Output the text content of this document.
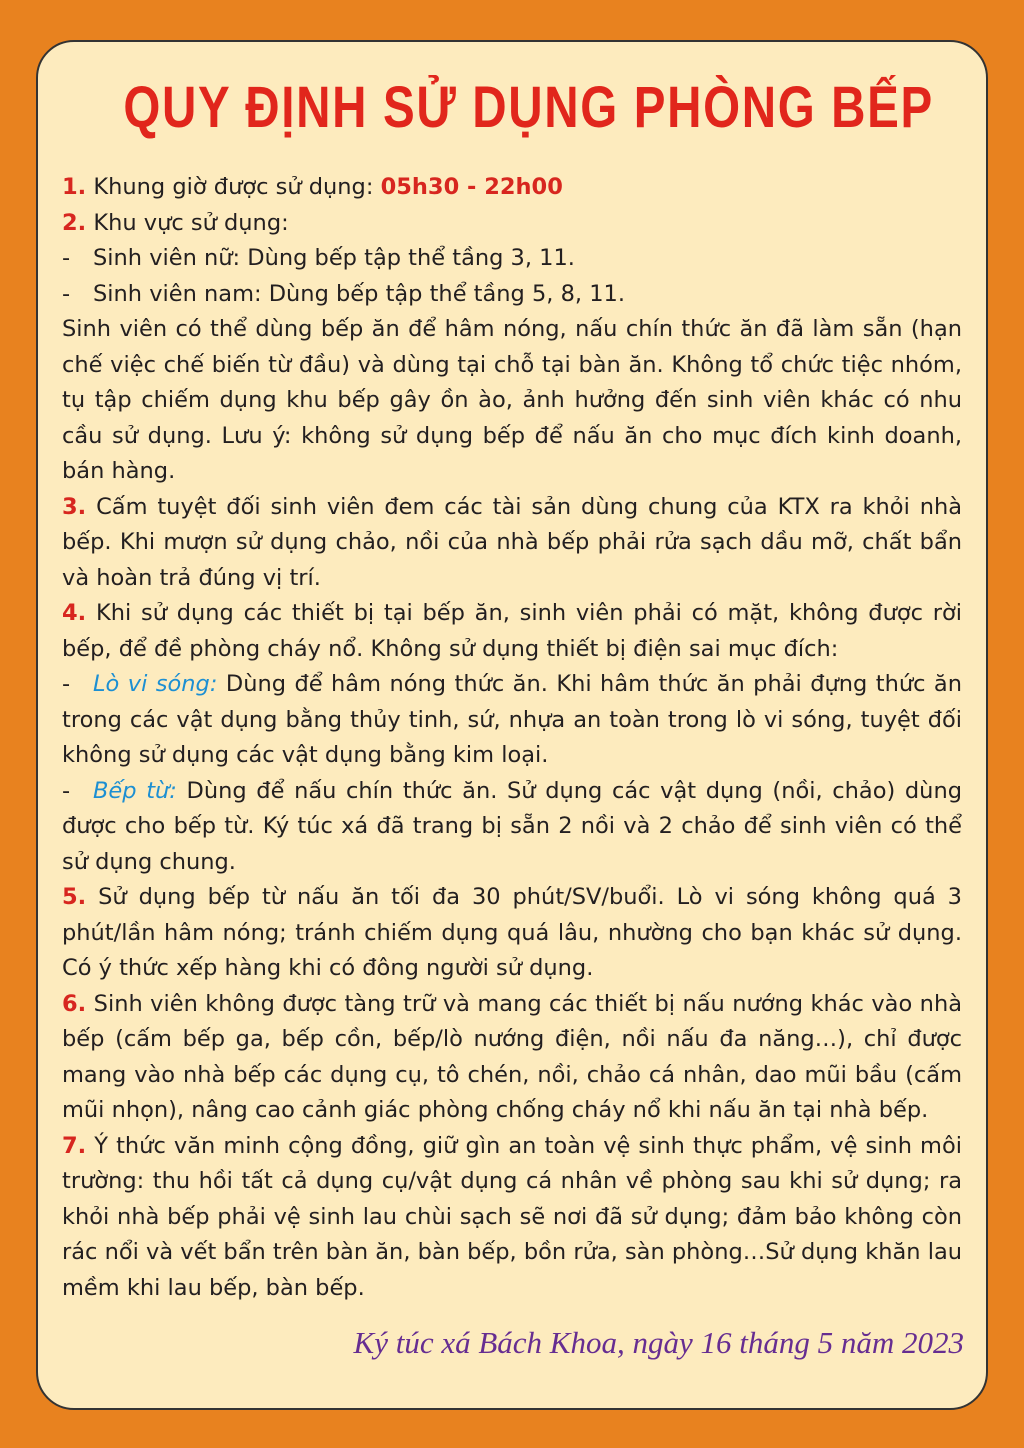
QUY ĐỊNH SỬ DỤNG PHÒNG BẾP

1. Khung giờ được sử dụng: 05h30 - 22h00

2. Khu vực sử dụng:

- Sinh viên nữ: Dùng bếp tập thể tầng 3, 11.

- Sinh viên nam: Dùng bếp tập thể tầng 5, 8, 11.

Sinh viên có thể dùng bếp ăn để hâm nóng, nấu chín thức ăn đã làm sẵn (hạn chế việc chế biến từ đầu) và dùng tại chỗ tại bàn ăn. Không tổ chức tiệc nhóm, tụ tập chiếm dụng khu bếp gây ồn ào, ảnh hưởng đến sinh viên khác có nhu cầu sử dụng. Lưu ý: không sử dụng bếp để nấu ăn cho mục đích kinh doanh, bán hàng.

3. Cấm tuyệt đối sinh viên đem các tài sản dùng chung của KTX ra khỏi nhà bếp. Khi mượn sử dụng chảo, nồi của nhà bếp phải rửa sạch dầu mỡ, chất bẩn và hoàn trả đúng vị trí.

4. Khi sử dụng các thiết bị tại bếp ăn, sinh viên phải có mặt, không được rời bếp, để đề phòng cháy nổ. Không sử dụng thiết bị điện sai mục đích:

- Lò vi sóng: Dùng để hâm nóng thức ăn. Khi hâm thức ăn phải đựng thức ăn trong các vật dụng bằng thủy tinh, sứ, nhựa an toàn trong lò vi sóng, tuyệt đối không sử dụng các vật dụng bằng kim loại.

- Bếp từ: Dùng để nấu chín thức ăn. Sử dụng các vật dụng (nồi, chảo) dùng được cho bếp từ. Ký túc xá đã trang bị sẵn 2 nồi và 2 chảo để sinh viên có thể sử dụng chung.

5. Sử dụng bếp từ nấu ăn tối đa 30 phút/SV/buổi. Lò vi sóng không quá 3 phút/lần hâm nóng; tránh chiếm dụng quá lâu, nhường cho bạn khác sử dụng. Có ý thức xếp hàng khi có đông người sử dụng.

6. Sinh viên không được tàng trữ và mang các thiết bị nấu nướng khác vào nhà bếp (cấm bếp ga, bếp cồn, bếp/lò nướng điện, nồi nấu đa năng…), chỉ được mang vào nhà bếp các dụng cụ, tô chén, nồi, chảo cá nhân, dao mũi bầu (cấm mũi nhọn), nâng cao cảnh giác phòng chống cháy nổ khi nấu ăn tại nhà bếp.

7. Ý thức văn minh cộng đồng, giữ gìn an toàn vệ sinh thực phẩm, vệ sinh môi trường: thu hồi tất cả dụng cụ/vật dụng cá nhân về phòng sau khi sử dụng; ra khỏi nhà bếp phải vệ sinh lau chùi sạch sẽ nơi đã sử dụng; đảm bảo không còn rác nổi và vết bẩn trên bàn ăn, bàn bếp, bồn rửa, sàn phòng…Sử dụng khăn lau mềm khi lau bếp, bàn bếp.

Ký túc xá Bách Khoa, ngày 16 tháng 5 năm 2023
